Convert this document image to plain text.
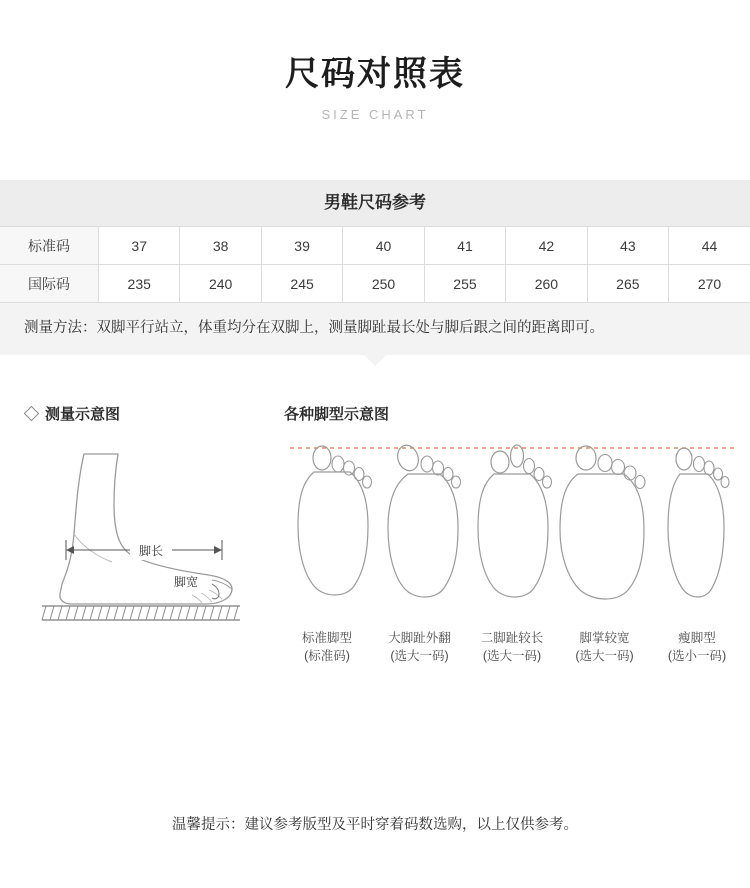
尺码对照表
SIZE CHART
男鞋尺码参考
标准码	37	38	39	40	41	42	43	44
国际码	235	240	245	250	255	260	265	270
测量方法：双脚平行站立，体重均分在双脚上，测量脚趾最长处与脚后跟之间的距离即可。
测量示意图
脚长
脚宽
各种脚型示意图
标准脚型
(标准码)
大脚趾外翻
(选大一码)
二脚趾较长
(选大一码)
脚掌较宽
(选大一码)
瘦脚型
(选小一码)
温馨提示：建议参考版型及平时穿着码数选购，以上仅供参考。
